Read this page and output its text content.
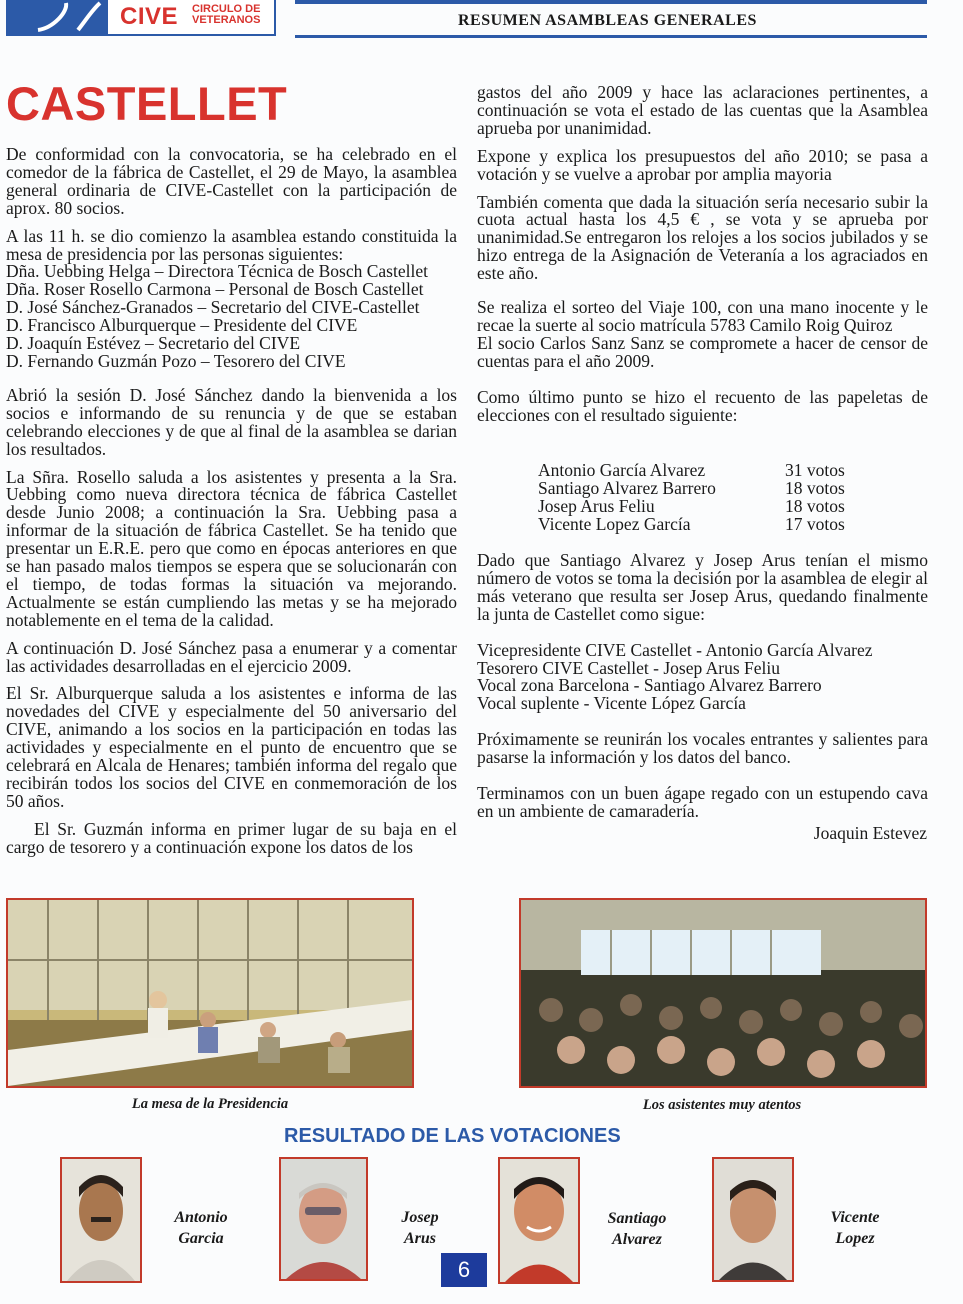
CIVE CIRCULO DE
VETERANOS	RESUMEN ASAMBLEAS GENERALES
CASTELLET

De conformidad con la convocatoria, se ha celebrado en el comedor de la fábrica de Castellet, el 29 de Mayo, la asamblea general ordinaria de CIVE-Castellet con la participación de aprox. 80 socios.

A las 11 h. se dio comienzo la asamblea estando constituida la mesa de presidencia por las personas siguientes:

Dña. Uebbing Helga – Directora Técnica de Bosch Castellet

Dña. Roser Rosello Carmona – Personal de Bosch Castellet

D. José Sánchez-Granados – Secretario del CIVE-Castellet

D. Francisco Alburquerque – Presidente del CIVE

D. Joaquín Estévez – Secretario del CIVE

D. Fernando Guzmán Pozo – Tesorero del CIVE

Abrió la sesión D. José Sánchez dando la bienvenida a los socios e informando de su renuncia y de que se estaban celebrando elecciones y de que al final de la asamblea se darian los resultados.

La Sñra. Rosello saluda a los asistentes y presenta a la Sra. Uebbing como nueva directora técnica de fábrica Castellet desde Junio 2008; a continuación la Sra. Uebbing pasa a informar de la situación de fábrica Castellet. Se ha tenido que presentar un E.R.E. pero que como en épocas anteriores en que se han pasado malos tiempos se espera que se solucionarán con el tiempo, de todas formas la situación va mejorando. Actualmente se están cumpliendo las metas y se ha mejorado notablemente en el tema de la calidad.

A continuación D. José Sánchez pasa a enumerar y a comentar las actividades desarrolladas en el ejercicio 2009.

El Sr. Alburquerque saluda a los asistentes e informa de las novedades del CIVE y especialmente del 50 aniversario del CIVE, animando a los socios en la participación en todas las actividades y especialmente en el punto de encuentro que se celebrará en Alcala de Henares; también informa del regalo que recibirán todos los socios del CIVE en conmemoración de los 50 años.

El Sr. Guzmán informa en primer lugar de su baja en el cargo de tesorero y a continuación expone los datos de los

gastos del año 2009 y hace las aclaraciones pertinentes, a continuación se vota el estado de las cuentas que la Asamblea aprueba por unanimidad.

Expone y explica los presupuestos del año 2010; se pasa a votación y se vuelve a aprobar por amplia mayoria

También comenta que dada la situación sería necesario subir la cuota actual hasta los 4,5 € , se vota y se aprueba por unanimidad.Se entregaron los relojes a los socios jubilados y se hizo entrega de la Asignación de Veteranía a los agraciados en este año.

Se realiza el sorteo del Viaje 100, con una mano inocente y le recae la suerte al socio matrícula 5783 Camilo Roig Quiroz

El socio Carlos Sanz Sanz se compromete a hacer de censor de cuentas para el año 2009.

Como último punto se hizo el recuento de las papeletas de elecciones con el resultado siguiente:

Antonio García Alvarez	31 votos
Santiago Alvarez Barrero	18 votos
Josep Arus Feliu	18 votos
Vicente Lopez García	17 votos

Dado que Santiago Alvarez y Josep Arus tenían el mismo número de votos se toma la decisión por la asamblea de elegir al más veterano que resulta ser Josep Arus, quedando finalmente la junta de Castellet como sigue:

Vicepresidente CIVE Castellet - Antonio García Alvarez

Tesorero CIVE Castellet - Josep Arus Feliu

Vocal zona Barcelona - Santiago Alvarez Barrero

Vocal suplente - Vicente López García

Próximamente se reunirán los vocales entrantes y salientes para pasarse la información y los datos del banco.

Terminamos con un buen ágape regado con un estupendo cava en un ambiente de camaradería.

Joaquin Estevez
La mesa de la Presidencia	Los asistentes muy atentos
RESULTADO DE LAS VOTACIONES
Antonio
Garcia
Josep
Arus
Santiago
Alvarez
Vicente
Lopez
6
